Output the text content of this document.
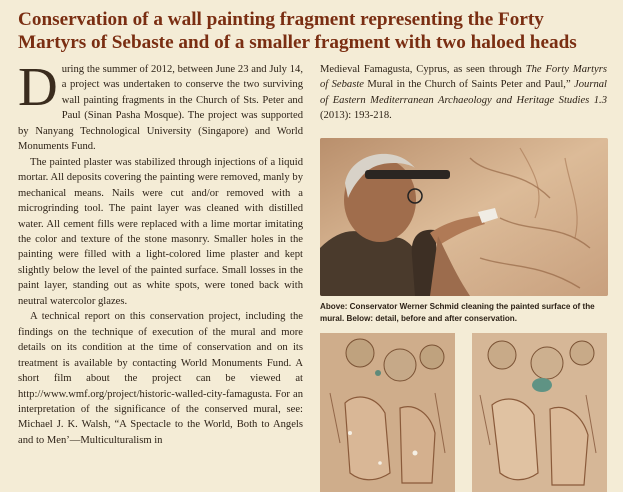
Conservation of a wall painting fragment representing the Forty Martyrs of Sebaste and of a smaller fragment with two haloed heads

During the summer of 2012, between June 23 and July 14, a project was undertaken to conserve the two surviving wall painting fragments in the Church of Sts. Peter and Paul (Sinan Pasha Mosque). The project was supported by Nanyang Technological University (Singapore) and World Monuments Fund.

The painted plaster was stabilized through injections of a liquid mortar. All deposits covering the painting were removed, manly by mechanical means. Nails were cut and/or removed with a microgrinding tool. The paint layer was cleaned with distilled water. All cement fills were replaced with a lime mortar imitating the color and texture of the stone masonry. Smaller holes in the painting were filled with a light-colored lime plaster and kept slightly below the level of the painted surface. Small losses in the paint layer, standing out as white spots, were toned back with neutral watercolor glazes.

A technical report on this conservation project, including the findings on the technique of execution of the mural and more details on its condition at the time of conservation and on its treatment is available by contacting World Monuments Fund. A short film about the project can be viewed at http://www.wmf.org/project/historic-walled-city-famagusta. For an interpretation of the significance of the conserved mural, see: Michael J. K. Walsh, “A Spectacle to the World, Both to Angels and to Men’—Multiculturalism in

Medieval Famagusta, Cyprus, as seen through The Forty Martyrs of Sebaste Mural in the Church of Saints Peter and Paul,” Journal of Eastern Mediterranean Archaeology and Heritage Studies 1.3 (2013): 193-218.

Above: Conservator Werner Schmid cleaning the painted surface of the mural. Below: detail, before and after conservation.
